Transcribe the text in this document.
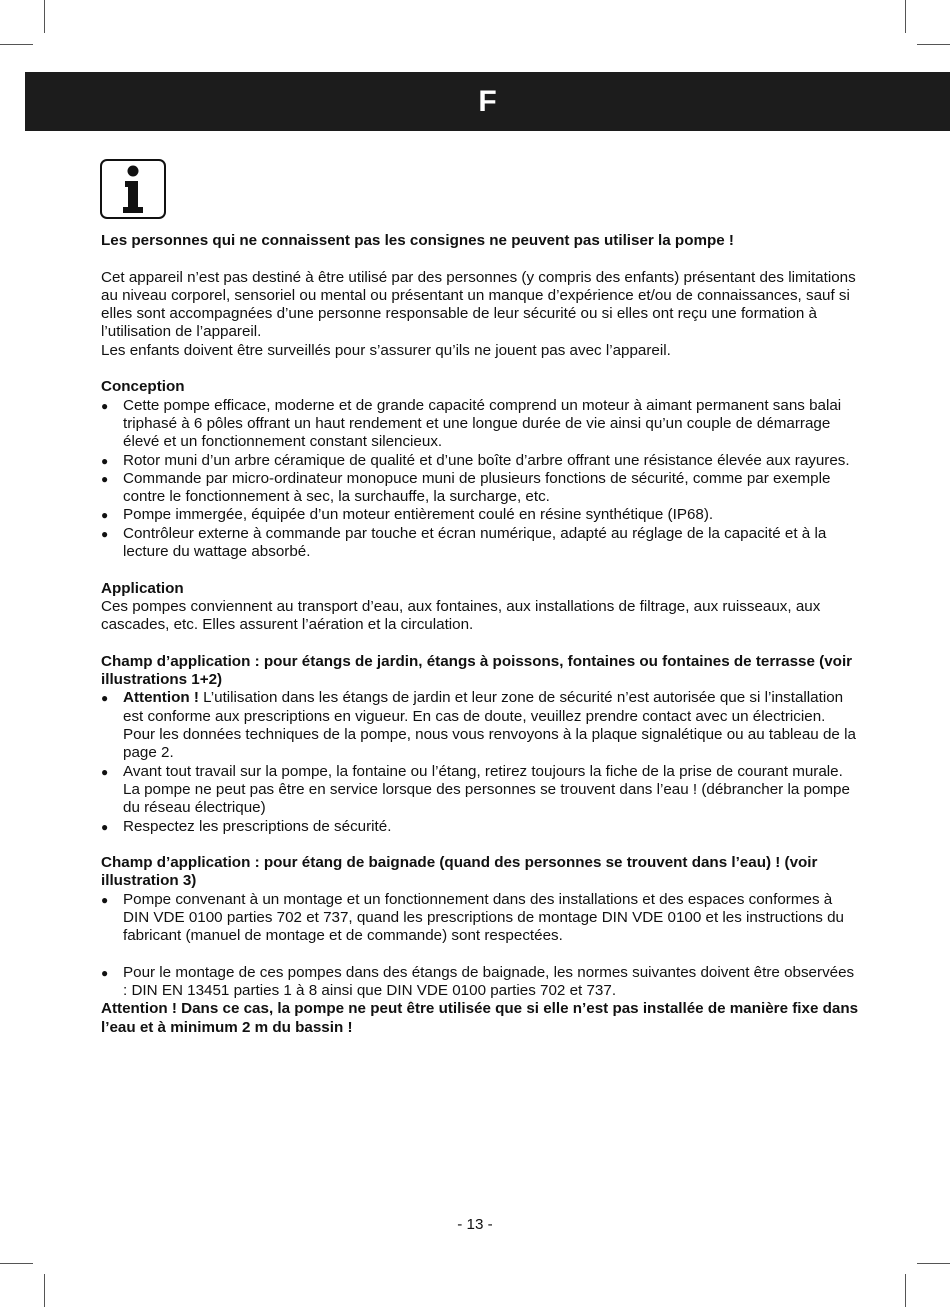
F

Les personnes qui ne connaissent pas les consignes ne peuvent pas utiliser la pompe !

Cet appareil n’est pas destiné à être utilisé par des personnes (y compris des enfants) présentant des limitations au niveau corporel, sensoriel ou mental ou présentant un manque d’expérience et/ou de connaissances, sauf si elles sont accompagnées d’une personne responsable de leur sécurité ou si elles ont reçu une formation à l’utilisation de l’appareil.

Les enfants doivent être surveillés pour s’assurer qu’ils ne jouent pas avec l’appareil.

Conception

● Cette pompe efficace, moderne et de grande capacité comprend un moteur à aimant permanent sans balai triphasé à 6 pôles offrant un haut rendement et une longue durée de vie ainsi qu’un couple de démarrage élevé et un fonctionnement constant silencieux.
● Rotor muni d’un arbre céramique de qualité et d’une boîte d’arbre offrant une résistance élevée aux rayures.
● Commande par micro-ordinateur monopuce muni de plusieurs fonctions de sécurité, comme par exemple contre le fonctionnement à sec, la surchauffe, la surcharge, etc.
● Pompe immergée, équipée d’un moteur entièrement coulé en résine synthétique (IP68).
● Contrôleur externe à commande par touche et écran numérique, adapté au réglage de la capacité et à la lecture du wattage absorbé.

Application

Ces pompes conviennent au transport d’eau, aux fontaines, aux installations de filtrage, aux ruisseaux, aux cascades, etc. Elles assurent l’aération et la circulation.

Champ d’application : pour étangs de jardin, étangs à poissons, fontaines ou fontaines de terrasse (voir illustrations 1+2)

● Attention ! L’utilisation dans les étangs de jardin et leur zone de sécurité n’est autorisée que si l’installation est conforme aux prescriptions en vigueur. En cas de doute, veuillez prendre contact avec un électricien. Pour les données techniques de la pompe, nous vous renvoyons à la plaque signalétique ou au tableau de la page 2.
● Avant tout travail sur la pompe, la fontaine ou l’étang, retirez toujours la fiche de la prise de courant murale. La pompe ne peut pas être en service lorsque des personnes se trouvent dans l’eau ! (débrancher la pompe du réseau électrique)
● Respectez les prescriptions de sécurité.

Champ d’application : pour étang de baignade (quand des personnes se trouvent dans l’eau) ! (voir illustration 3)

● Pompe convenant à un montage et un fonctionnement dans des installations et des espaces conformes à DIN VDE 0100 parties 702 et 737, quand les prescriptions de montage DIN VDE 0100 et les instructions du fabricant (manuel de montage et de commande) sont respectées.
● Pour le montage de ces pompes dans des étangs de baignade, les normes suivantes doivent être observées : DIN EN 13451 parties 1 à 8 ainsi que DIN VDE 0100 parties 702 et 737.

Attention ! Dans ce cas, la pompe ne peut être utilisée que si elle n’est pas installée de manière fixe dans l’eau et à minimum 2 m du bassin !

- 13 -
